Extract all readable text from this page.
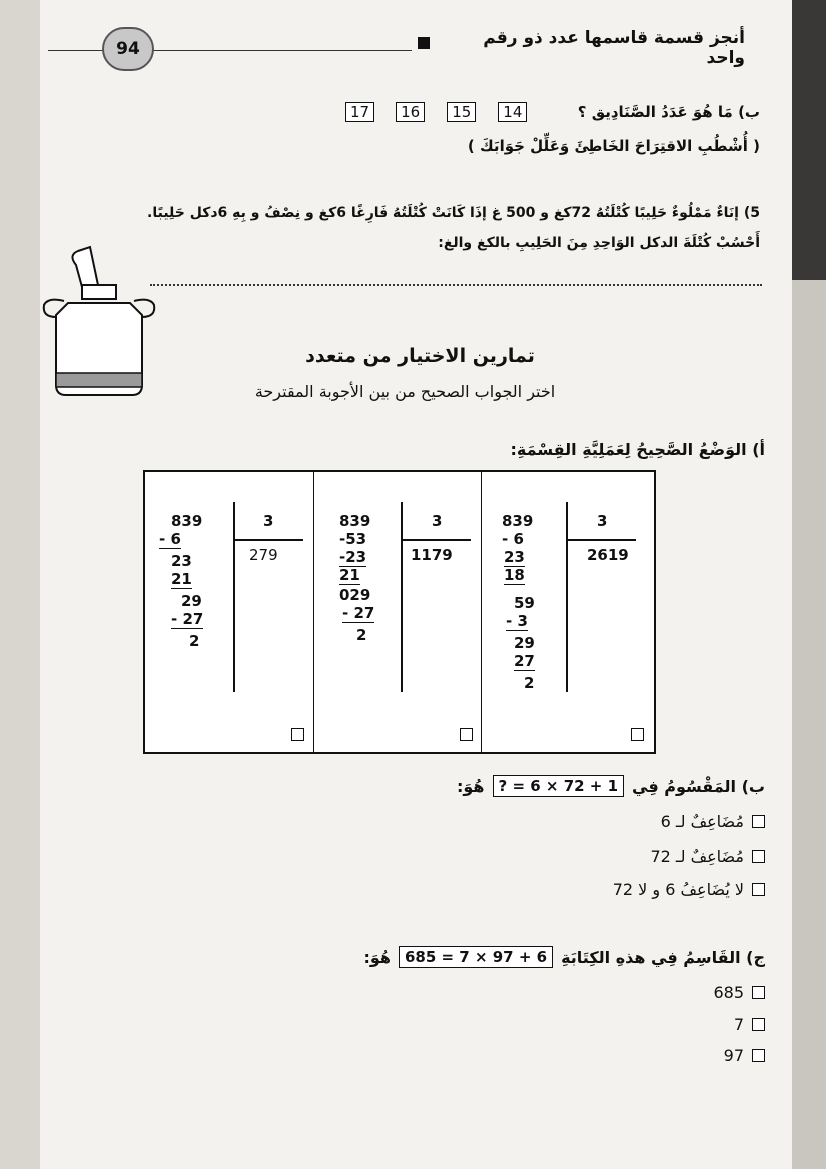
94
أنجز قسمة قاسمها عدد ذو رقم واحد
ب) مَا هُوَ عَدَدُ الصَّنَادِيق ؟
17	16	15	14
( أُشْطُبِ الاقتِرَاحَ الخَاطِئَ وَعَلِّلْ جَوَابَكَ )
5) إنَاءٌ مَمْلُوءٌ حَلِيبًا كُتْلَتُهُ 72كغ و 500 غ إذَا كَانَتْ كُتْلَتُهُ فَارِغًا 6كغ و نِصْفُ و بِهِ 6دكل حَلِيبًا.
أَحْسُبْ كُتْلَةَ الدكل الوَاحِدِ مِنَ الحَلِيبِ بالكغ والغ:
تمارين الاختيار من متعدد
اختر الجواب الصحيح من بين الأجوبة المقترحة
أ) الوَضْعُ الصَّحِيحُ لِعَمَلِيَّةِ القِسْمَةِ:
839	3
2619
- 6
23
18
59
- 3
29
27
2
839	3
1179
-53
-23
21
029
- 27
2
839	3
279
- 6
23
21
29
- 27
2
ب) المَقْسُومُ فِي
? = 6 × 72 + 1
هُوَ:
مُضَاعِفٌ لـ 6
مُضَاعِفٌ لـ 72
لا يُضَاعِفُ 6 و لا 72
ج) القَاسِمُ فِي هذهِ الكِتَابَةِ
685 = 7 × 97 + 6
هُوَ:
685
7
97
